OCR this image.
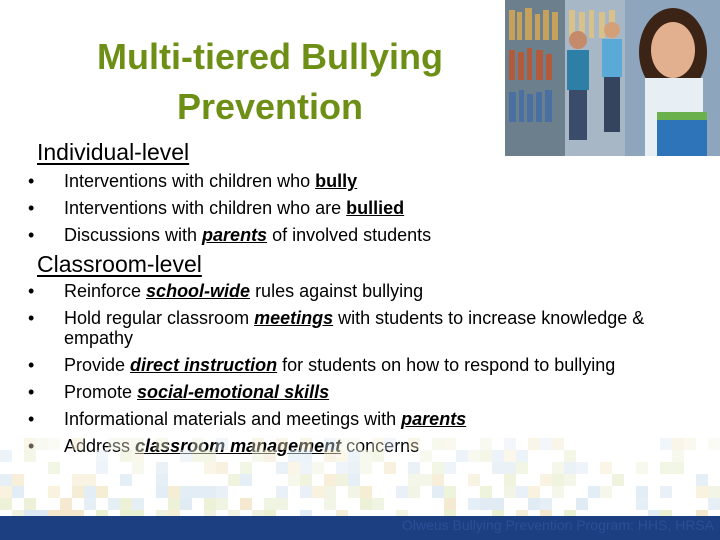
Multi-tiered Bullying Prevention
Individual-level
•	Interventions with children who bully
•	Interventions with children who are bullied
•	Discussions with parents of involved students
Classroom-level
•	Reinforce school-wide rules against bullying
•	Hold regular classroom meetings with students to increase knowledge & empathy
•	Provide direct instruction for students on how to respond to bullying
•	Promote social-emotional skills
•	Informational materials and meetings with parents
•	Address classroom management concerns
Olweus Bullying Prevention Program; HHS, HRSA
